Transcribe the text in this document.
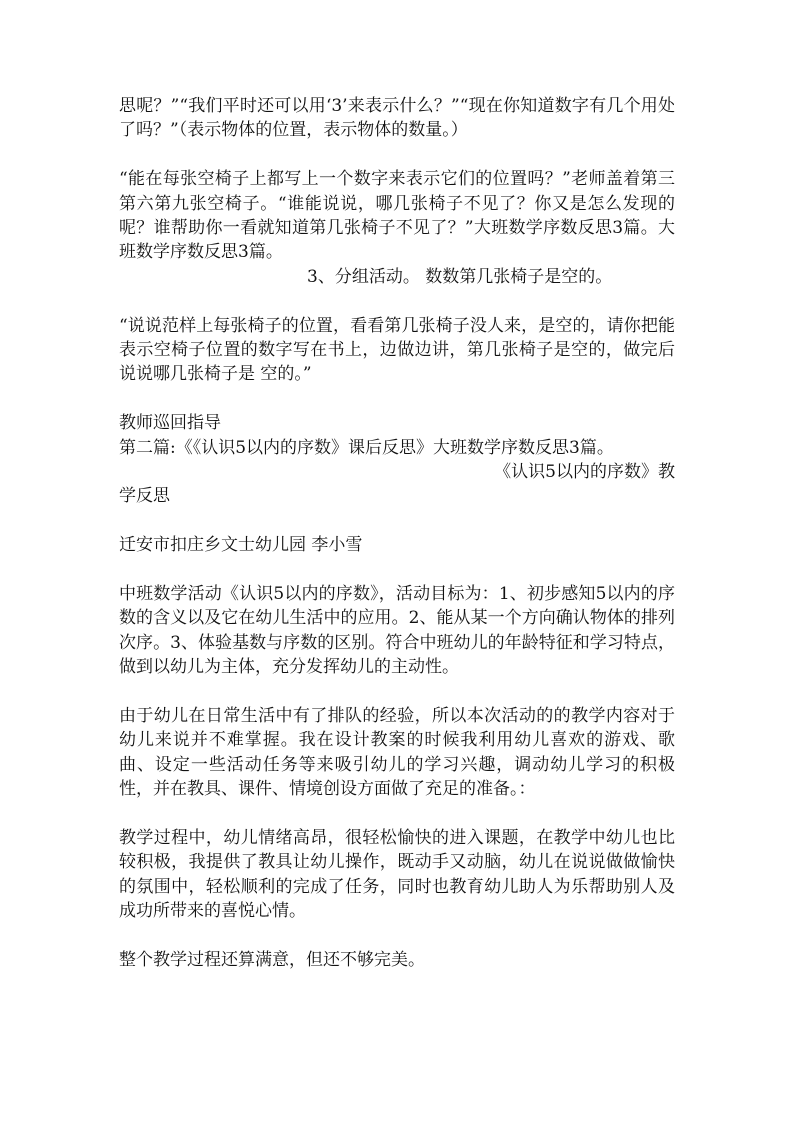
思呢？”“我们平时还可以用‘3’来表示什么？”“现在你知道数字有几个用处了吗？”（表示物体的位置，表示物体的数量。）

“能在每张空椅子上都写上一个数字来表示它们的位置吗？”老师盖着第三第六第九张空椅子。“谁能说说，哪几张椅子不见了？你又是怎么发现的呢？谁帮助你一看就知道第几张椅子不见了？”大班数学序数反思3篇。大班数学序数反思3篇。

3、分组活动。 数数第几张椅子是空的。

“说说范样上每张椅子的位置，看看第几张椅子没人来，是空的，请你把能表示空椅子位置的数字写在书上，边做边讲，第几张椅子是空的，做完后说说哪几张椅子是 空的。”

教师巡回指导

第二篇:《《认识5以内的序数》课后反思》大班数学序数反思3篇。

《认识5以内的序数》教

学反思

迁安市扣庄乡文士幼儿园 李小雪

中班数学活动《认识5以内的序数》，活动目标为：1、初步感知5以内的序数的含义以及它在幼儿生活中的应用。2、能从某一个方向确认物体的排列次序。3、体验基数与序数的区别。符合中班幼儿的年龄特征和学习特点，做到以幼儿为主体，充分发挥幼儿的主动性。

由于幼儿在日常生活中有了排队的经验，所以本次活动的的教学内容对于幼儿来说并不难掌握。我在设计教案的时候我利用幼儿喜欢的游戏、歌曲、设定一些活动任务等来吸引幼儿的学习兴趣，调动幼儿学习的积极性，并在教具、课件、情境创设方面做了充足的准备。：

教学过程中，幼儿情绪高昂，很轻松愉快的进入课题，在教学中幼儿也比较积极，我提供了教具让幼儿操作，既动手又动脑，幼儿在说说做做愉快的氛围中，轻松顺利的完成了任务，同时也教育幼儿助人为乐帮助别人及成功所带来的喜悦心情。

整个教学过程还算满意，但还不够完美。
